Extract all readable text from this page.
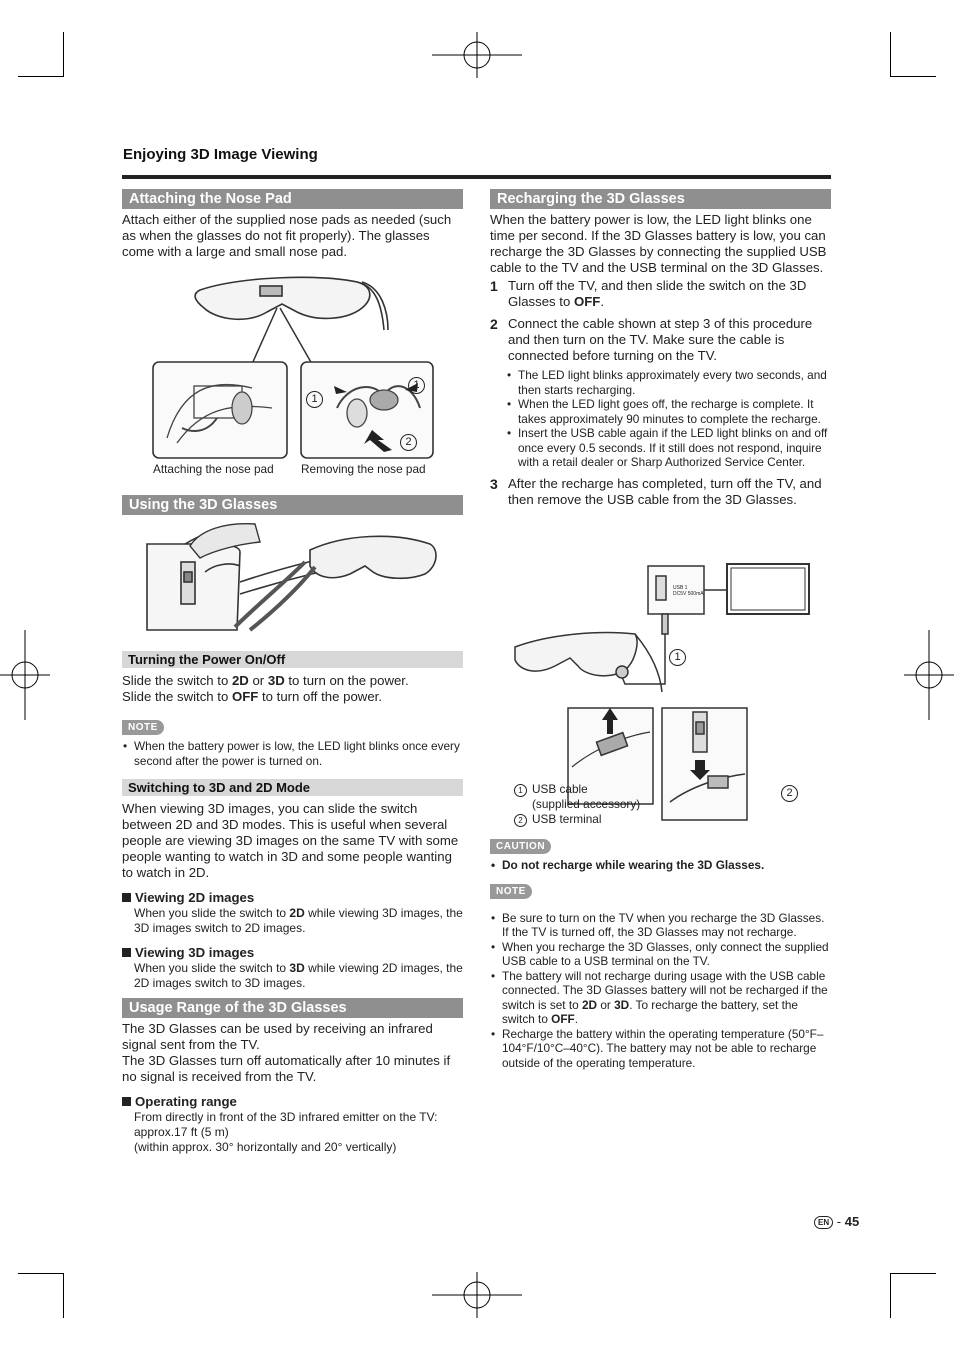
Enjoying 3D Image Viewing
Attaching the Nose Pad

Attach either of the supplied nose pads as needed (such as when the glasses do not fit properly). The glasses come with a large and small nose pad.

1
1
2
Attaching the nose pad Removing the nose pad
Using the 3D Glasses
Turning the Power On/Off

Slide the switch to 2D or 3D to turn on the power.

Slide the switch to OFF to turn off the power.

NOTE

• When the battery power is low, the LED light blinks once every second after the power is turned on.

Switching to 3D and 2D Mode

When viewing 3D images, you can slide the switch between 2D and 3D modes. This is useful when several people are viewing 3D images on the same TV with some people wanting to watch in 3D and some people wanting to watch in 2D.

Viewing 2D images

When you slide the switch to 2D while viewing 3D images, the 3D images switch to 2D images.

Viewing 3D images

When you slide the switch to 3D while viewing 2D images, the 2D images switch to 3D images.

Usage Range of the 3D Glasses

The 3D Glasses can be used by receiving an infrared signal sent from the TV.

The 3D Glasses turn off automatically after 10 minutes if no signal is received from the TV.

Operating range

From directly in front of the 3D infrared emitter on the TV: approx.17 ft (5 m)

(within approx. 30° horizontally and 20° vertically)

Recharging the 3D Glasses

When the battery power is low, the LED light blinks one time per second. If the 3D Glasses battery is low, you can recharge the 3D Glasses by connecting the supplied USB cable to the TV and the USB terminal on the 3D Glasses.

1 Turn off the TV, and then slide the switch on the 3D Glasses to OFF.

2 Connect the cable shown at step 3 of this procedure and then turn on the TV. Make sure the cable is connected before turning on the TV.

• The LED light blinks approximately every two seconds, and then starts recharging.

• When the LED light goes off, the recharge is complete. It takes approximately 90 minutes to complete the recharge.

• Insert the USB cable again if the LED light blinks on and off once every 0.5 seconds. If it still does not respond, inquire with a retail dealer or Sharp Authorized Service Center.

3 After the recharge has completed, turn off the TV, and then remove the USB cable from the 3D Glasses.

USB 1
DC5V 500mA
1
2
1 USB cable
(supplied accessory)
2 USB terminal
CAUTION

• Do not recharge while wearing the 3D Glasses.

NOTE

• Be sure to turn on the TV when you recharge the 3D Glasses. If the TV is turned off, the 3D Glasses may not recharge.

• When you recharge the 3D Glasses, only connect the supplied USB cable to a USB terminal on the TV.

• The battery will not recharge during usage with the USB cable connected. The 3D Glasses battery will not be recharged if the switch is set to 2D or 3D. To recharge the battery, set the switch to OFF.

• Recharge the battery within the operating temperature (50°F–104°F/10°C–40°C). The battery may not be able to recharge outside of the operating temperature.

EN - 45
